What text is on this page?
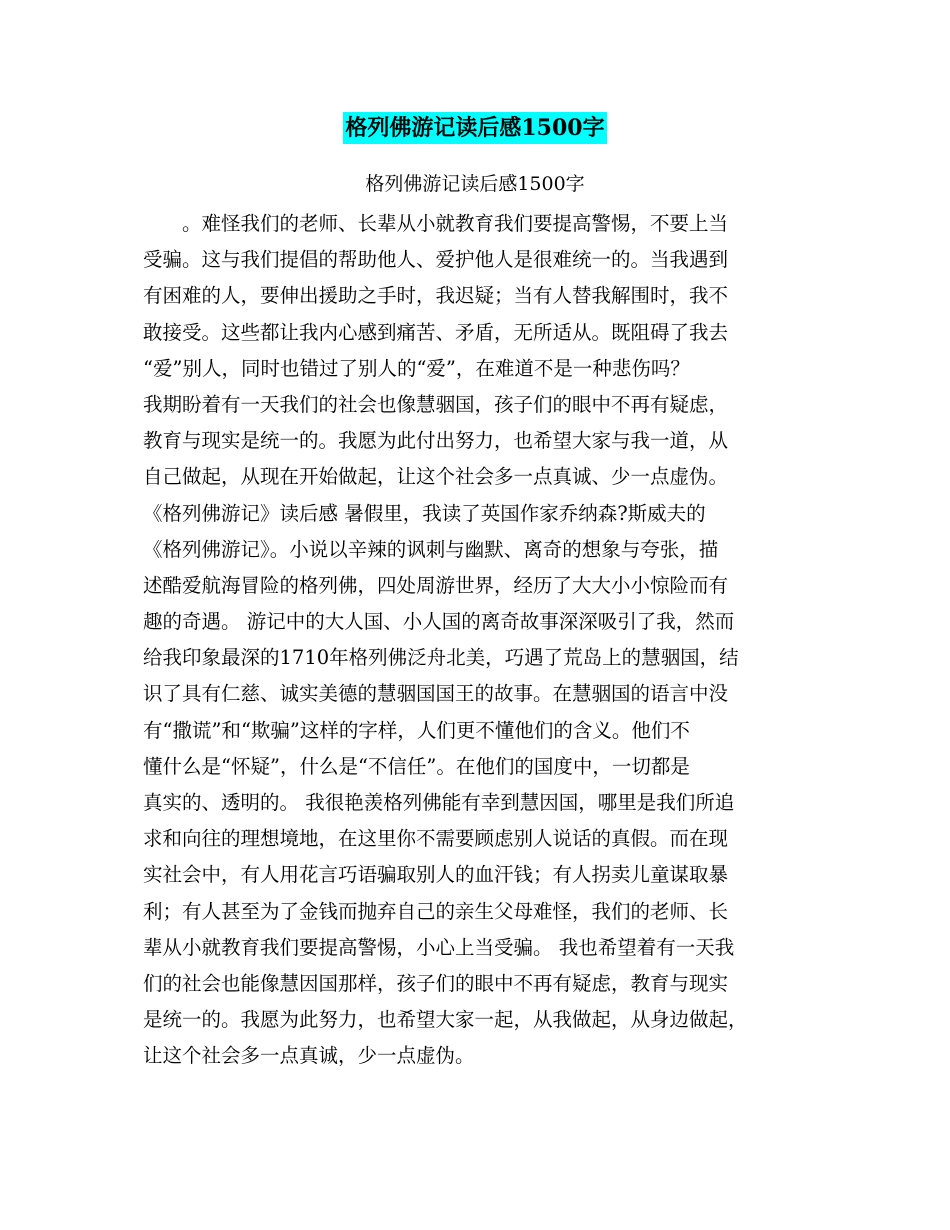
格列佛游记读后感1500字
格列佛游记读后感1500字
　　。难怪我们的老师、长辈从小就教育我们要提高警惕，不要上当
受骗。这与我们提倡的帮助他人、爱护他人是很难统一的。当我遇到
有困难的人，要伸出援助之手时，我迟疑；当有人替我解围时，我不
敢接受。这些都让我内心感到痛苦、矛盾，无所适从。既阻碍了我去
“爱”别人，同时也错过了别人的“爱”，在难道不是一种悲伤吗？
我期盼着有一天我们的社会也像慧骃国，孩子们的眼中不再有疑虑，
教育与现实是统一的。我愿为此付出努力，也希望大家与我一道，从
自己做起，从现在开始做起，让这个社会多一点真诚、少一点虚伪。
《格列佛游记》读后感 暑假里，我读了英国作家乔纳森?斯威夫的
《格列佛游记》。小说以辛辣的讽刺与幽默、离奇的想象与夸张，描
述酷爱航海冒险的格列佛，四处周游世界，经历了大大小小惊险而有
趣的奇遇。 游记中的大人国、小人国的离奇故事深深吸引了我，然而
给我印象最深的1710年格列佛泛舟北美，巧遇了荒岛上的慧骃国，结
识了具有仁慈、诚实美德的慧骃国国王的故事。在慧骃国的语言中没
有“撒谎”和“欺骗”这样的字样，人们更不懂他们的含义。他们不
懂什么是“怀疑”，什么是“不信任”。在他们的国度中，一切都是
真实的、透明的。 我很艳羡格列佛能有幸到慧因国，哪里是我们所追
求和向往的理想境地，在这里你不需要顾虑别人说话的真假。而在现
实社会中，有人用花言巧语骗取别人的血汗钱；有人拐卖儿童谋取暴
利；有人甚至为了金钱而抛弃自己的亲生父母难怪，我们的老师、长
辈从小就教育我们要提高警惕，小心上当受骗。 我也希望着有一天我
们的社会也能像慧因国那样，孩子们的眼中不再有疑虑，教育与现实
是统一的。我愿为此努力，也希望大家一起，从我做起，从身边做起，
让这个社会多一点真诚，少一点虚伪。
